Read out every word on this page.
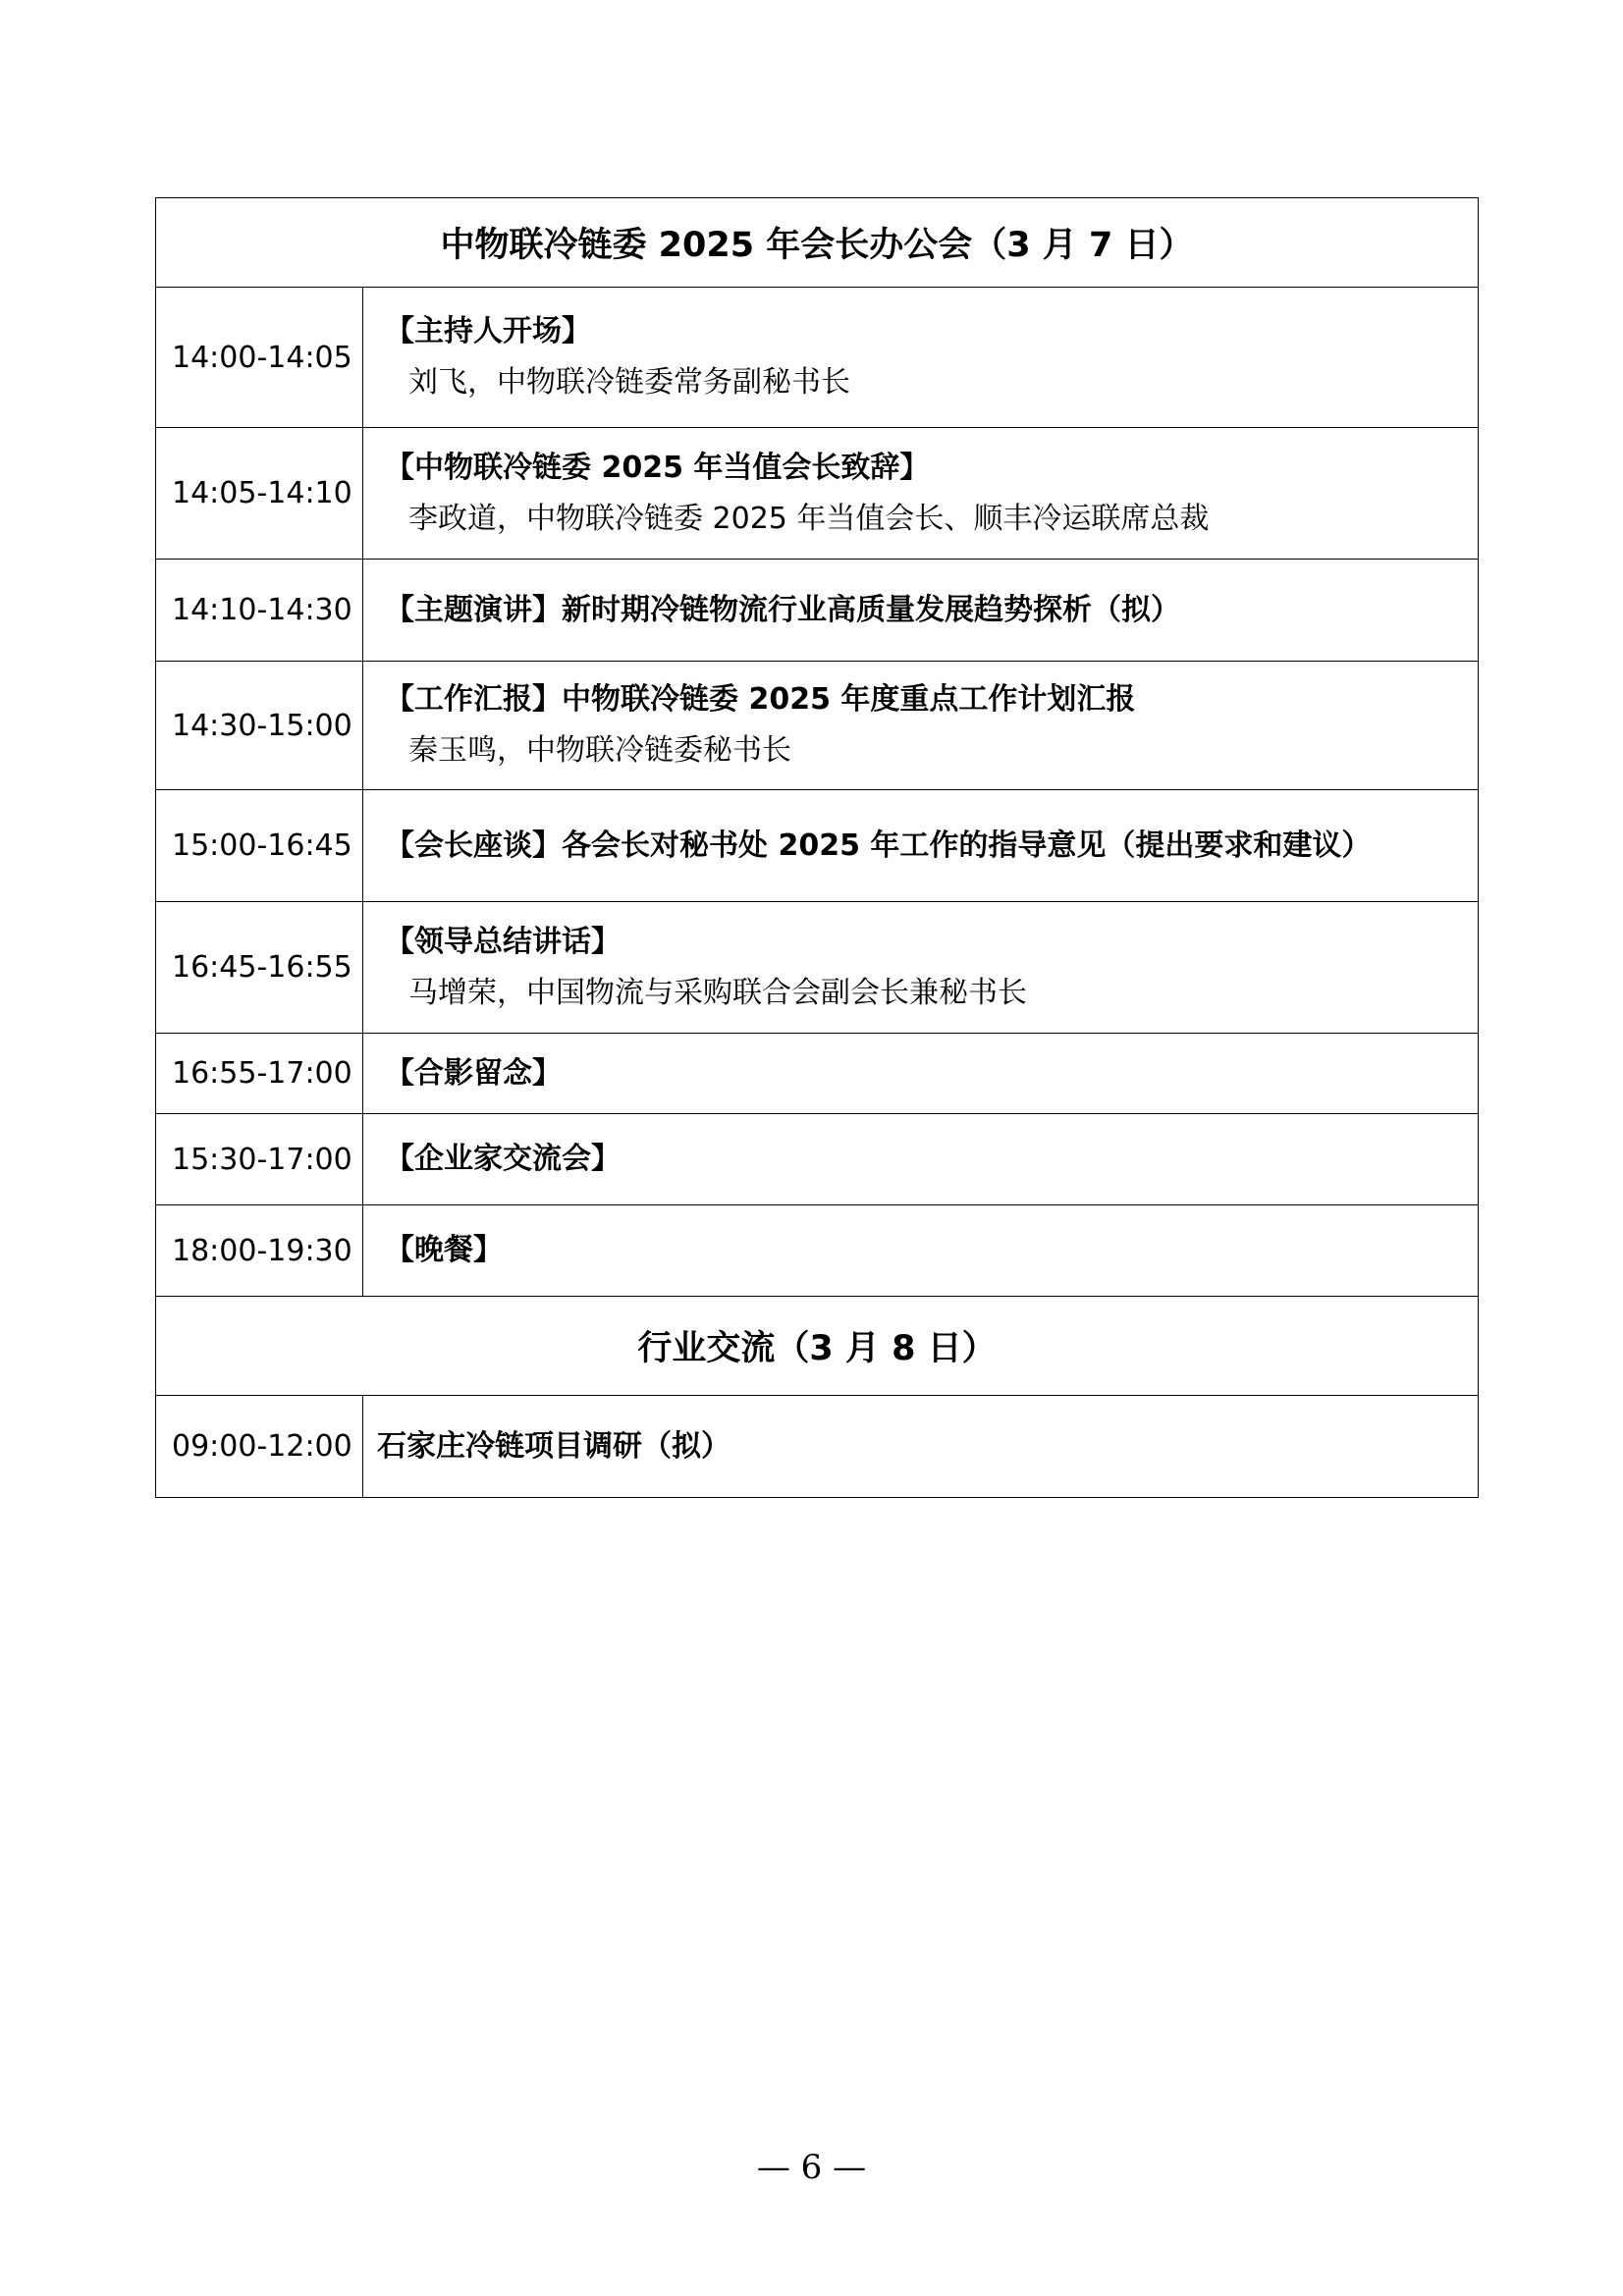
中物联冷链委 2025 年会长办公会（3 月 7 日）	
14:00-14:05	【主持人开场】
刘飞，中物联冷链委常务副秘书长

14:05-14:10	【中物联冷链委 2025 年当值会长致辞】
李政道，中物联冷链委 2025 年当值会长、顺丰冷运联席总裁

14:10-14:30	【主题演讲】新时期冷链物流行业高质量发展趋势探析（拟）

14:30-15:00	【工作汇报】中物联冷链委 2025 年度重点工作计划汇报
秦玉鸣，中物联冷链委秘书长

15:00-16:45	【会长座谈】各会长对秘书处 2025 年工作的指导意见（提出要求和建议）

16:45-16:55	【领导总结讲话】
马增荣，中国物流与采购联合会副会长兼秘书长

16:55-17:00	【合影留念】

15:30-17:00	【企业家交流会】

18:00-19:30	【晚餐】

行业交流（3 月 8 日）	
09:00-12:00	石家庄冷链项目调研（拟）
— 6 —
